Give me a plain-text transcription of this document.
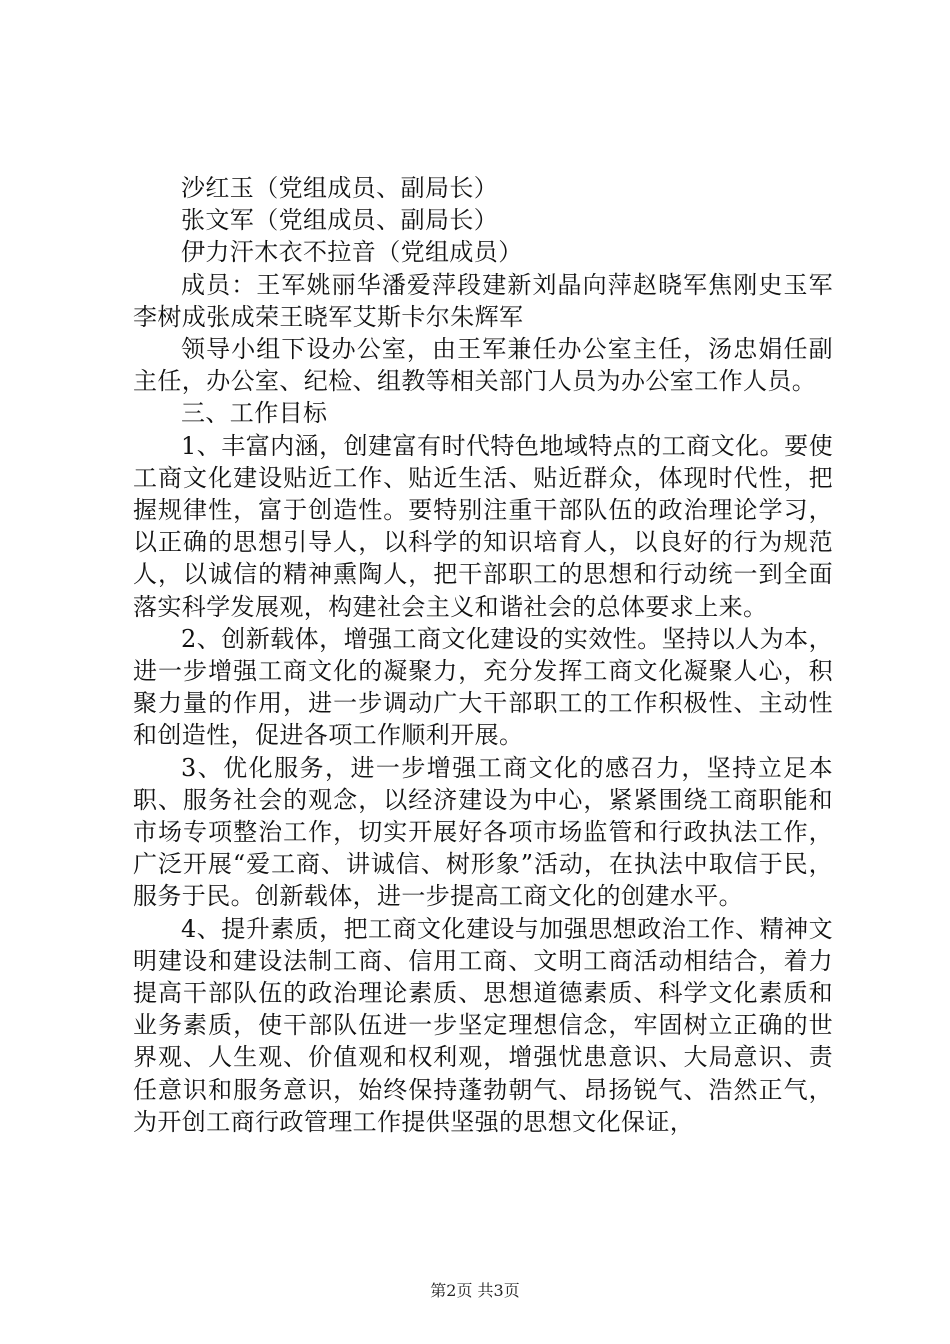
沙红玉（党组成员、副局长）

张文军（党组成员、副局长）

伊力汗木衣不拉音（党组成员）

成员：王军姚丽华潘爱萍段建新刘晶向萍赵晓军焦刚史玉军李树成张成荣王晓军艾斯卡尔朱辉军

领导小组下设办公室，由王军兼任办公室主任，汤忠娟任副主任，办公室、纪检、组教等相关部门人员为办公室工作人员。

三、工作目标

1、丰富内涵，创建富有时代特色地域特点的工商文化。要使工商文化建设贴近工作、贴近生活、贴近群众，体现时代性，把握规律性，富于创造性。要特别注重干部队伍的政治理论学习，以正确的思想引导人，以科学的知识培育人，以良好的行为规范人，以诚信的精神熏陶人，把干部职工的思想和行动统一到全面落实科学发展观，构建社会主义和谐社会的总体要求上来。

2、创新载体，增强工商文化建设的实效性。坚持以人为本，进一步增强工商文化的凝聚力，充分发挥工商文化凝聚人心，积聚力量的作用，进一步调动广大干部职工的工作积极性、主动性和创造性，促进各项工作顺利开展。

3、优化服务，进一步增强工商文化的感召力，坚持立足本职、服务社会的观念，以经济建设为中心，紧紧围绕工商职能和市场专项整治工作，切实开展好各项市场监管和行政执法工作，广泛开展“爱工商、讲诚信、树形象”活动，在执法中取信于民，服务于民。创新载体，进一步提高工商文化的创建水平。

4、提升素质，把工商文化建设与加强思想政治工作、精神文明建设和建设法制工商、信用工商、文明工商活动相结合，着力提高干部队伍的政治理论素质、思想道德素质、科学文化素质和业务素质，使干部队伍进一步坚定理想信念，牢固树立正确的世界观、人生观、价值观和权利观，增强忧患意识、大局意识、责任意识和服务意识，始终保持蓬勃朝气、昂扬锐气、浩然正气，为开创工商行政管理工作提供坚强的思想文化保证，

第2页 共3页
